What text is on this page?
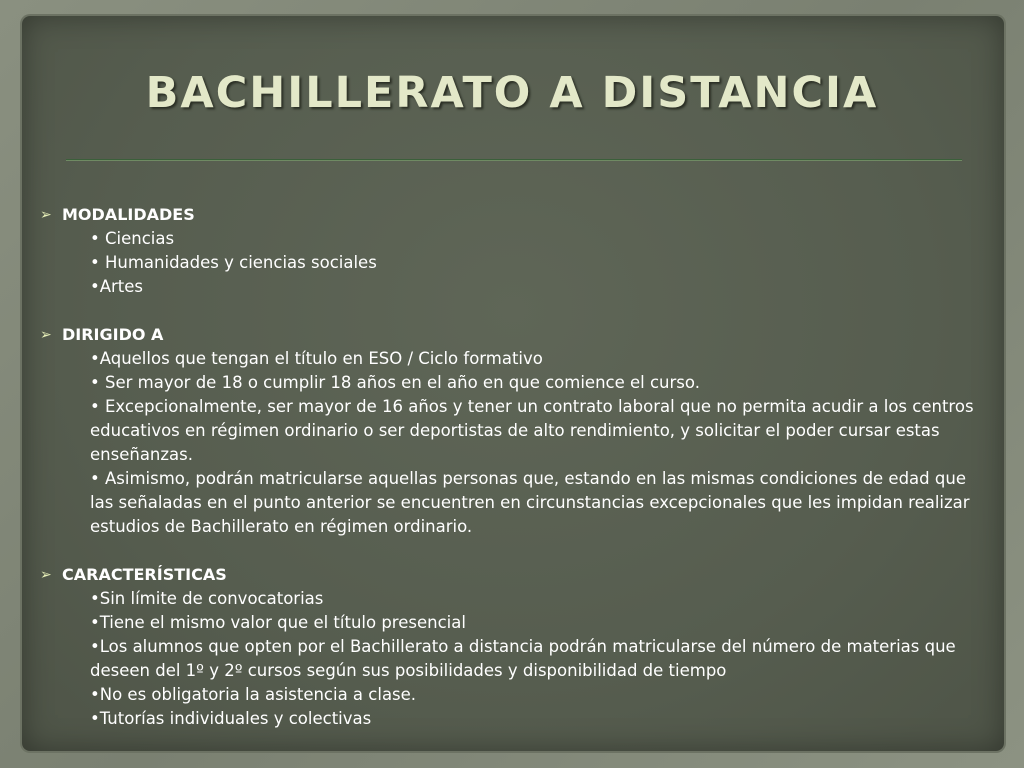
BACHILLERATO A DISTANCIA
➢ MODALIDADES
• Ciencias
• Humanidades y ciencias sociales
•Artes
➢ DIRIGIDO A
•Aquellos que tengan el título en ESO / Ciclo formativo
• Ser mayor de 18 o cumplir 18 años en el año en que comience el curso.
• Excepcionalmente, ser mayor de 16 años y tener un contrato laboral que no permita acudir a los centros educativos en régimen ordinario o ser deportistas de alto rendimiento, y solicitar el poder cursar estas enseñanzas.
• Asimismo, podrán matricularse aquellas personas que, estando en las mismas condiciones de edad que las señaladas en el punto anterior se encuentren en circunstancias excepcionales que les impidan realizar estudios de Bachillerato en régimen ordinario.
➢ CARACTERÍSTICAS
•Sin límite de convocatorias
•Tiene el mismo valor que el título presencial
•Los alumnos que opten por el Bachillerato a distancia podrán matricularse del número de materias que deseen del 1º y 2º cursos según sus posibilidades y disponibilidad de tiempo
•No es obligatoria la asistencia a clase.
•Tutorías individuales y colectivas
